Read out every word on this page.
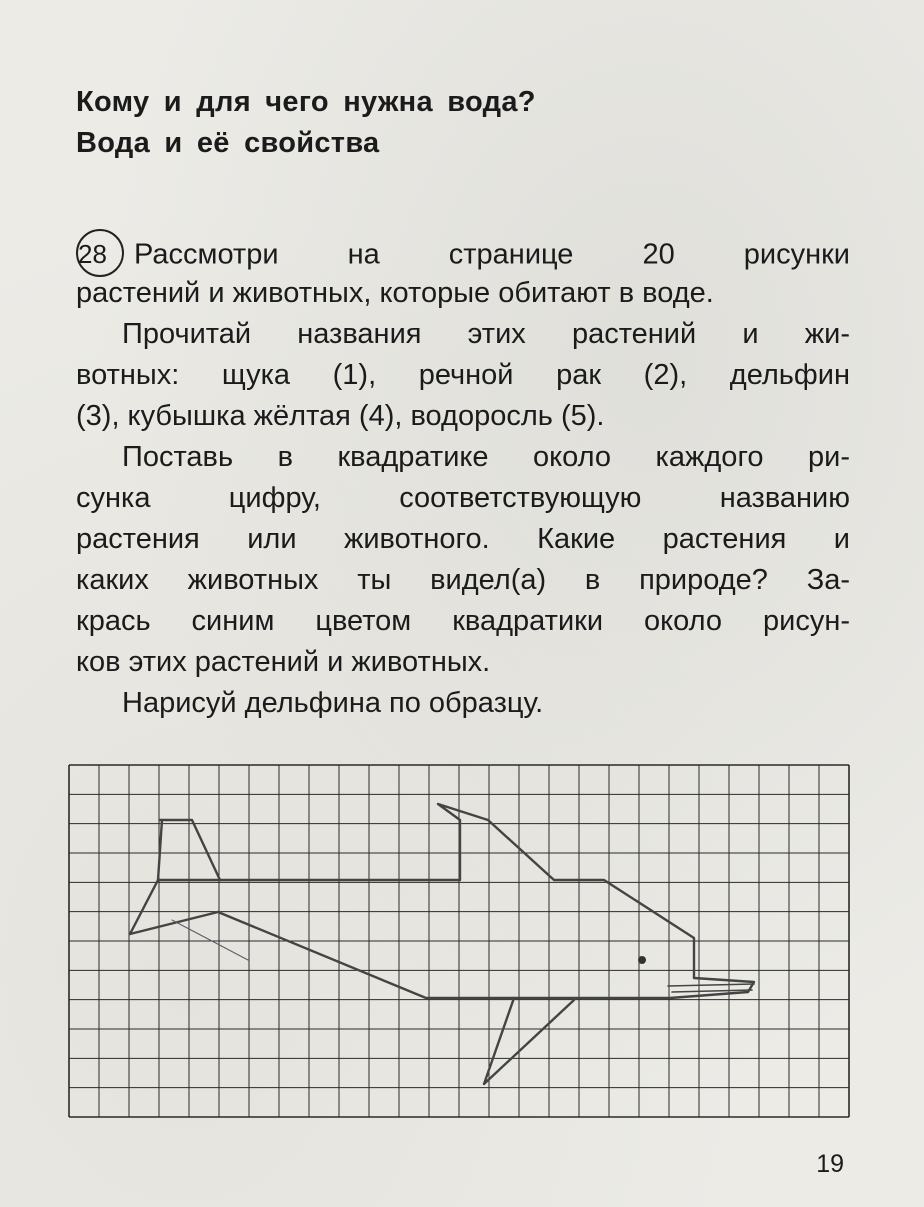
Кому и для чего нужна вода?
Вода и её свойства
28 Рассмотри на странице 20 рисунки
растений и животных, которые обитают в воде.
Прочитай названия этих растений и жи-
вотных: щука (1), речной рак (2), дельфин
(3), кубышка жёлтая (4), водоросль (5).
Поставь в квадратике около каждого ри-
сунка цифру, соответствующую названию
растения или животного. Какие растения и
каких животных ты видел(а) в природе? За-
крась синим цветом квадратики около рисун-
ков этих растений и животных.
Нарисуй дельфина по образцу.
19
